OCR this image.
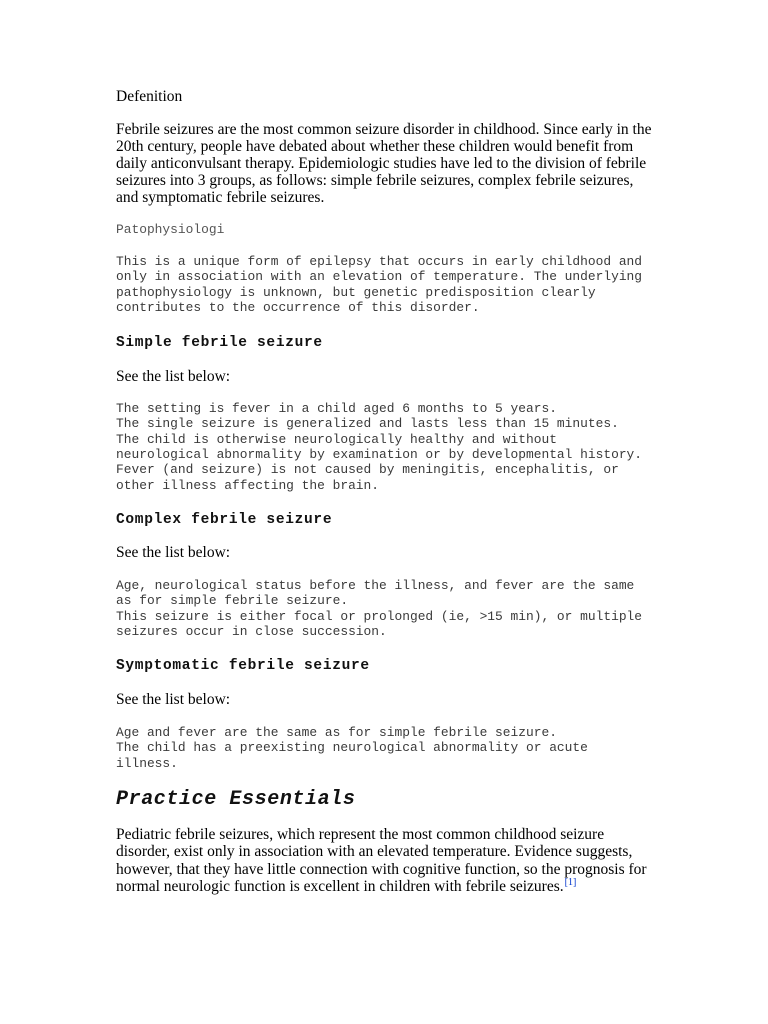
Defenition
Febrile seizures are the most common seizure disorder in childhood. Since early in the
20th century, people have debated about whether these children would benefit from
daily anticonvulsant therapy. Epidemiologic studies have led to the division of febrile
seizures into 3 groups, as follows: simple febrile seizures, complex febrile seizures,
and symptomatic febrile seizures.
Patophysiologi
This is a unique form of epilepsy that occurs in early childhood and only in association with an elevation of temperature. The underlying pathophysiology is unknown, but genetic predisposition clearly contributes to the occurrence of this disorder.
Simple febrile seizure
See the list below:
The setting is fever in a child aged 6 months to 5 years.
The single seizure is generalized and lasts less than 15 minutes.
The child is otherwise neurologically healthy and without neurological abnormality by examination or by developmental history.
Fever (and seizure) is not caused by meningitis, encephalitis, or other illness affecting the brain.
Complex febrile seizure
See the list below:
Age, neurological status before the illness, and fever are the same as for simple febrile seizure.
This seizure is either focal or prolonged (ie, >15 min), or multiple seizures occur in close succession.
Symptomatic febrile seizure
See the list below:
Age and fever are the same as for simple febrile seizure.
The child has a preexisting neurological abnormality or acute illness.
Practice Essentials
Pediatric febrile seizures, which represent the most common childhood seizure
disorder, exist only in association with an elevated temperature. Evidence suggests,
however, that they have little connection with cognitive function, so the prognosis for
normal neurologic function is excellent in children with febrile seizures.[1]
